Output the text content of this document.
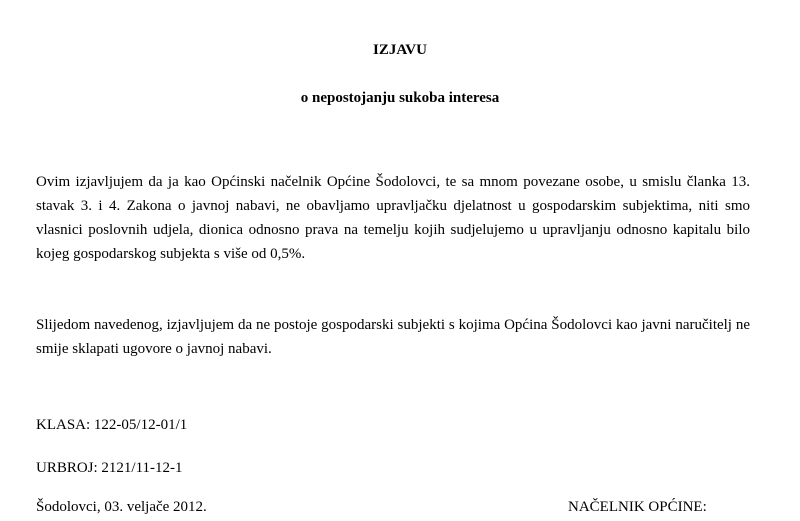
IZJAVU
o nepostojanju sukoba interesa

Ovim izjavljujem da ja kao Općinski načelnik Općine Šodolovci, te sa mnom povezane osobe, u smislu članka 13. stavak 3. i 4. Zakona o javnoj nabavi, ne obavljamo upravljačku djelatnost u gospodarskim subjektima, niti smo vlasnici poslovnih udjela, dionica odnosno prava na temelju kojih sudjelujemo u upravljanju odnosno kapitalu bilo kojeg gospodarskog subjekta s više od 0,5%.

Slijedom navedenog, izjavljujem da ne postoje gospodarski subjekti s kojima Općina Šodolovci kao javni naručitelj ne smije sklapati ugovore o javnoj nabavi.

KLASA: 122-05/12-01/1
URBROJ: 2121/11-12-1
Šodolovci, 03. veljače 2012.	NAČELNIK OPĆINE:
